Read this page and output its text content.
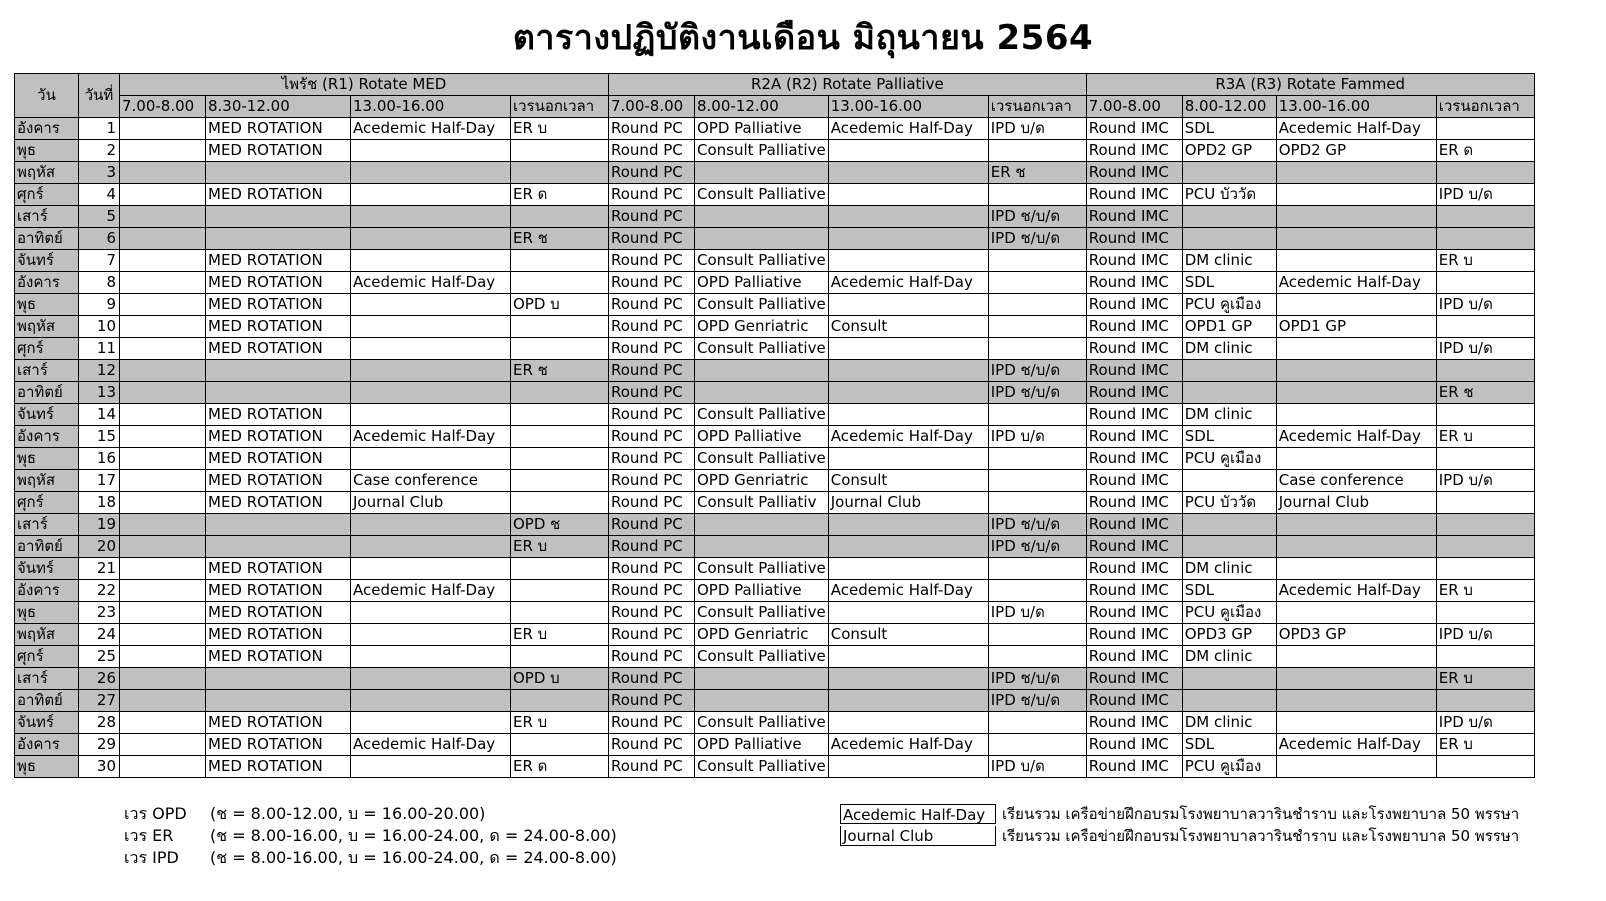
ตารางปฏิบัติงานเดือน มิถุนายน 2564
วัน	วันที่	ไพรัช (R1) Rotate MED				R2A (R2) Rotate Palliative				R3A (R3) Rotate Fammed			
		7.00-8.00	8.30-12.00	13.00-16.00	เวรนอกเวลา	7.00-8.00	8.00-12.00	13.00-16.00	เวรนอกเวลา	7.00-8.00	8.00-12.00	13.00-16.00	เวรนอกเวลา
อังคาร	1		MED ROTATION	Acedemic Half-Day	ER บ	Round PC	OPD Palliative	Acedemic Half-Day	IPD บ/ด	Round IMC	SDL	Acedemic Half-Day	
พุธ	2		MED ROTATION			Round PC	Consult Palliative			Round IMC	OPD2 GP	OPD2 GP	ER ด
พฤหัส	3					Round PC			ER ช	Round IMC			
ศุกร์	4		MED ROTATION		ER ด	Round PC	Consult Palliative			Round IMC	PCU บัววัด		IPD บ/ด
เสาร์	5					Round PC			IPD ช/บ/ด	Round IMC			
อาทิตย์	6				ER ช	Round PC			IPD ช/บ/ด	Round IMC			
จันทร์	7		MED ROTATION			Round PC	Consult Palliative			Round IMC	DM clinic		ER บ
อังคาร	8		MED ROTATION	Acedemic Half-Day		Round PC	OPD Palliative	Acedemic Half-Day		Round IMC	SDL	Acedemic Half-Day	
พุธ	9		MED ROTATION		OPD บ	Round PC	Consult Palliative			Round IMC	PCU คูเมือง		IPD บ/ด
พฤหัส	10		MED ROTATION			Round PC	OPD Genriatric	Consult		Round IMC	OPD1 GP	OPD1 GP	
ศุกร์	11		MED ROTATION			Round PC	Consult Palliative			Round IMC	DM clinic		IPD บ/ด
เสาร์	12				ER ช	Round PC			IPD ช/บ/ด	Round IMC			
อาทิตย์	13					Round PC			IPD ช/บ/ด	Round IMC			ER ช
จันทร์	14		MED ROTATION			Round PC	Consult Palliative			Round IMC	DM clinic		
อังคาร	15		MED ROTATION	Acedemic Half-Day		Round PC	OPD Palliative	Acedemic Half-Day	IPD บ/ด	Round IMC	SDL	Acedemic Half-Day	ER บ
พุธ	16		MED ROTATION			Round PC	Consult Palliative			Round IMC	PCU คูเมือง		
พฤหัส	17		MED ROTATION	Case conference		Round PC	OPD Genriatric	Consult		Round IMC		Case conference	IPD บ/ด
ศุกร์	18		MED ROTATION	Journal Club		Round PC	Consult Palliativ	Journal Club		Round IMC	PCU บัววัด	Journal Club	
เสาร์	19				OPD ช	Round PC			IPD ช/บ/ด	Round IMC			
อาทิตย์	20				ER บ	Round PC			IPD ช/บ/ด	Round IMC			
จันทร์	21		MED ROTATION			Round PC	Consult Palliative			Round IMC	DM clinic		
อังคาร	22		MED ROTATION	Acedemic Half-Day		Round PC	OPD Palliative	Acedemic Half-Day		Round IMC	SDL	Acedemic Half-Day	ER บ
พุธ	23		MED ROTATION			Round PC	Consult Palliative		IPD บ/ด	Round IMC	PCU คูเมือง		
พฤหัส	24		MED ROTATION		ER บ	Round PC	OPD Genriatric	Consult		Round IMC	OPD3 GP	OPD3 GP	IPD บ/ด
ศุกร์	25		MED ROTATION			Round PC	Consult Palliative			Round IMC	DM clinic		
เสาร์	26				OPD บ	Round PC			IPD ช/บ/ด	Round IMC			ER บ
อาทิตย์	27					Round PC			IPD ช/บ/ด	Round IMC			
จันทร์	28		MED ROTATION		ER บ	Round PC	Consult Palliative			Round IMC	DM clinic		IPD บ/ด
อังคาร	29		MED ROTATION	Acedemic Half-Day		Round PC	OPD Palliative	Acedemic Half-Day		Round IMC	SDL	Acedemic Half-Day	ER บ
พุธ	30		MED ROTATION		ER ด	Round PC	Consult Palliative		IPD บ/ด	Round IMC	PCU คูเมือง		
เวร OPD	(ช = 8.00-12.00, บ = 16.00-20.00)
เวร ER	(ช = 8.00-16.00, บ = 16.00-24.00, ด = 24.00-8.00)
เวร IPD	(ช = 8.00-16.00, บ = 16.00-24.00, ด = 24.00-8.00)
Acedemic Half-Day	เรียนรวม เครือข่ายฝึกอบรมโรงพยาบาลวารินชำราบ และโรงพยาบาล 50 พรรษา
Journal Club	เรียนรวม เครือข่ายฝึกอบรมโรงพยาบาลวารินชำราบ และโรงพยาบาล 50 พรรษา
